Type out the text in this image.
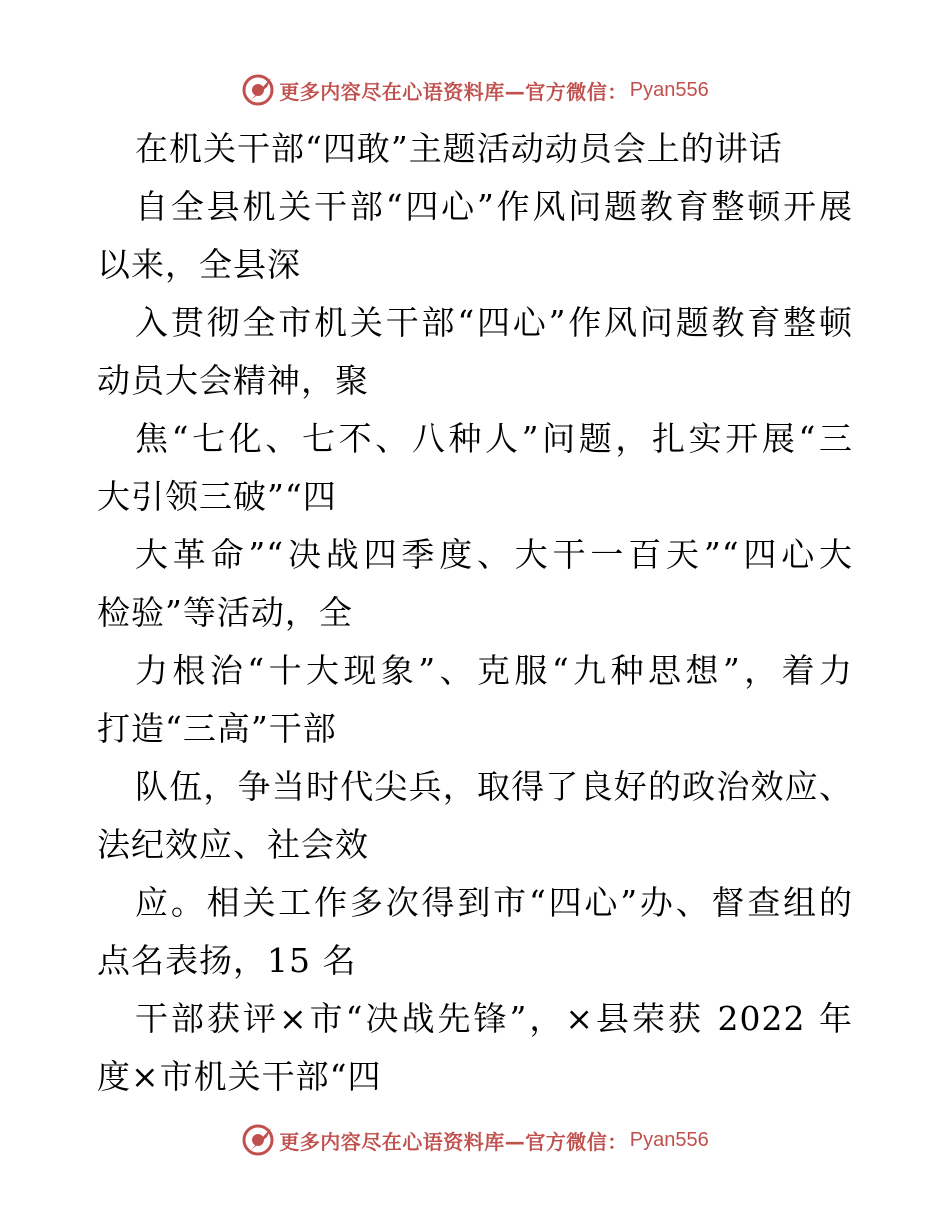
更多内容尽在心语资料库—官方微信： Pyan556
在机关干部“四敢”主题活动动员会上的讲话
自全县机关干部“四心”作风问题教育整顿开展
以来，全县深
入贯彻全市机关干部“四心”作风问题教育整顿
动员大会精神，聚
焦“七化、七不、八种人”问题，扎实开展“三
大引领三破”“四
大革命”“决战四季度、大干一百天”“四心大
检验”等活动，全
力根治“十大现象”、克服“九种思想”，着力
打造“三高”干部
队伍，争当时代尖兵，取得了良好的政治效应、
法纪效应、社会效
应。相关工作多次得到市“四心”办、督查组的
点名表扬，15 名
干部获评×市“决战先锋”，×县荣获 2022 年
度×市机关干部“四
更多内容尽在心语资料库—官方微信： Pyan556
